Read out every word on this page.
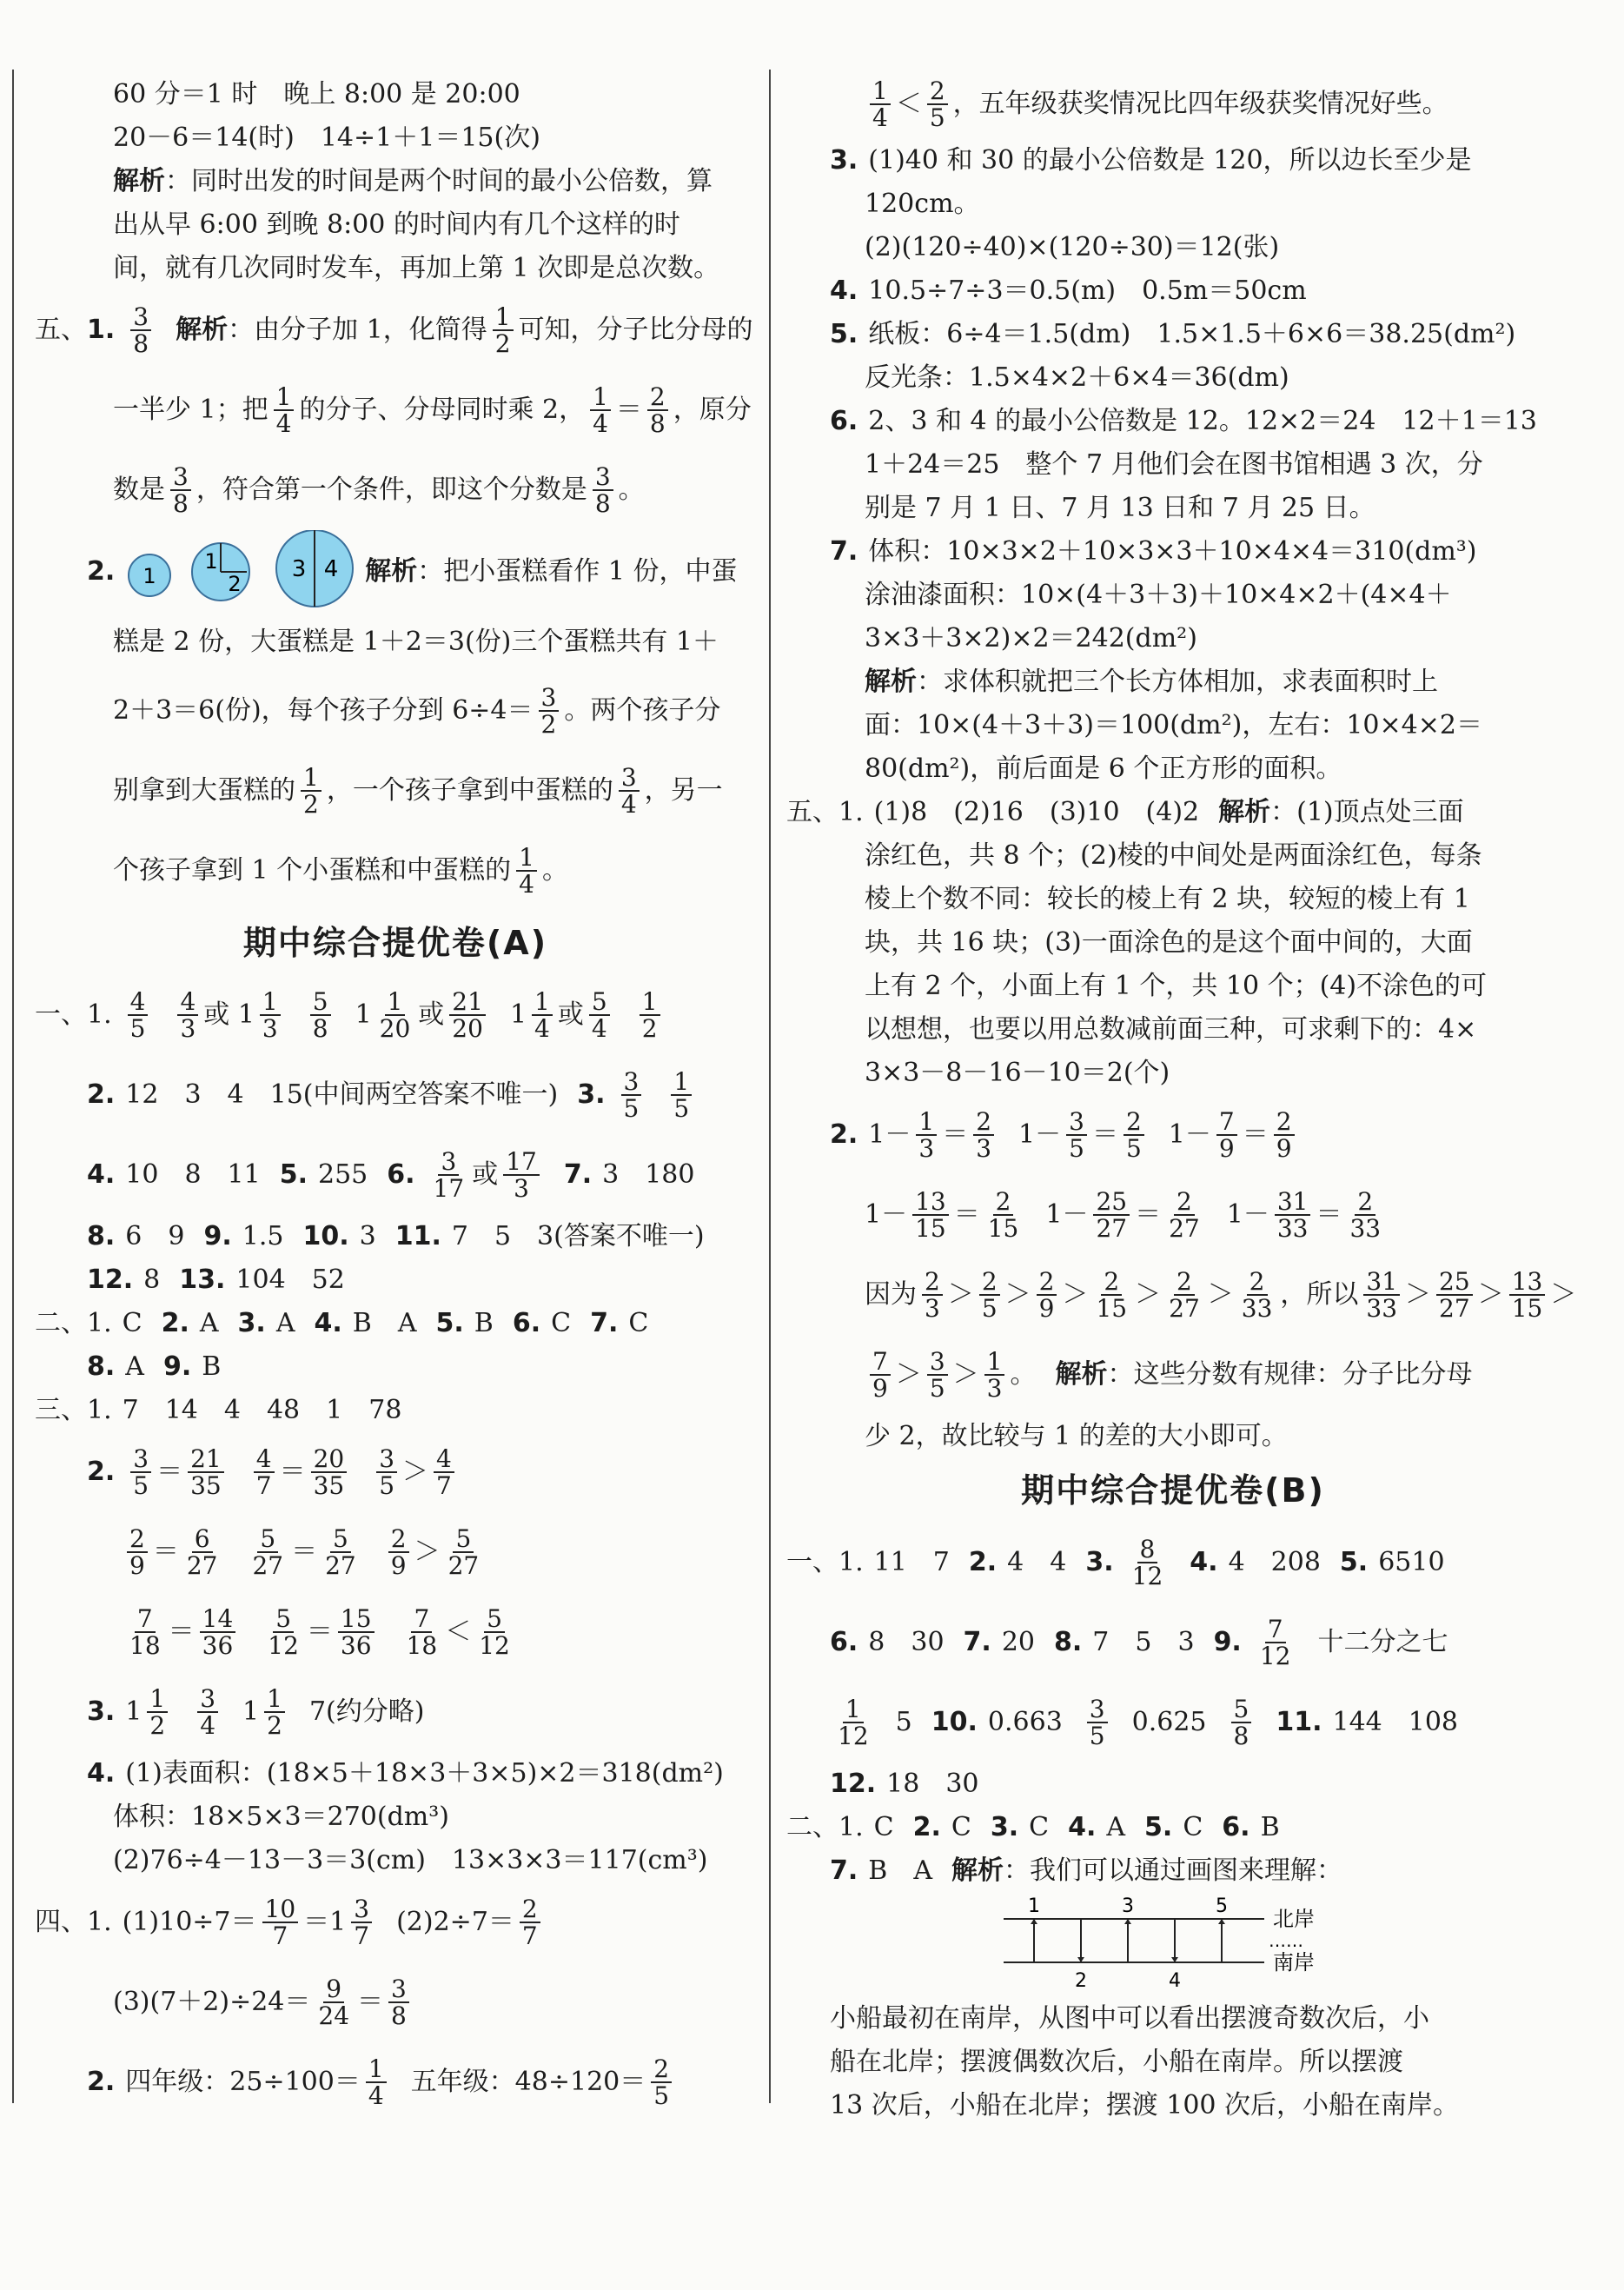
60 分＝1 时　晚上 8:00 是 20:00
20－6＝14(时)　14÷1＋1＝15(次)
解析 ：同时出发的时间是两个时间的最小公倍数，算
出从早 6:00 到晚 8:00 的时间内有几个这样的时
间，就有几次同时发车，再加上第 1 次即是总次数。
五、 1. $\frac{3}{8}$ 解析 ：由分子加 1，化简得 $\frac{1}{2}$ 可知，分子比分母的
一半少 1；把 $\frac{1}{4}$ 的分子、分母同时乘 2， $\frac{1}{4} = \frac{2}{8}$ ，原分
数是 $\frac{3}{8}$ ，符合第一个条件，即这个分数是 $\frac{3}{8}$ 。
2. 1
1
2
3 4 解析 ：把小蛋糕看作 1 份，中蛋
糕是 2 份，大蛋糕是 1＋2＝3(份)三个蛋糕共有 1＋
2＋3＝6(份)，每个孩子分到 $6\div 4= \frac{3}{2}$ 。两个孩子分
别拿到大蛋糕的 $\frac{1}{2}$ ，一个孩子拿到中蛋糕的 $\frac{3}{4}$ ，另一
个孩子拿到 1 个小蛋糕和中蛋糕的 $\frac{1}{4}$ 。
期中综合提优卷(A)
一、1. $\frac{4}{5} \frac{4}{3}$ 或 $1 \frac{1}{3} \frac{5}{8} 1 \frac{1}{20}$ 或 $\frac{21}{20} 1 \frac{1}{4}$ 或 $\frac{5}{4} \frac{1}{2}$
2. 12　3　4　15(中间两空答案不唯一) 3. $\frac{3}{5} \frac{1}{5}$
4. 10　8　11 5. 255 6. $\frac{3}{17}$ 或 $\frac{17}{3} 7$. 3　180
8. 6　9 9. 1.5 10. 3 11. 7　5　3(答案不唯一)
12. 8 13. 104　52
二、1. C 2. A 3. A 4. B　A 5. B 6. C 7. C
8. A 9. B
三、1. 7　14　4　48　1　78
2. $\frac{3}{5} = \frac{21}{35} \frac{4}{7} = \frac{20}{35} \frac{3}{5} > \frac{4}{7}$
$\frac{2}{9} = \frac{6}{27} \frac{5}{27} = \frac{5}{27} \frac{2}{9} > \frac{5}{27}$
$\frac{7}{18} = \frac{14}{36} \frac{5}{12} = \frac{15}{36} \frac{7}{18} < \frac{5}{12}$
3. $1 \frac{1}{2} \frac{3}{4} 1 \frac{1}{2} 7$(约分略)
4. (1)表面积：(18×5＋18×3＋3×5)×2＝318(dm²)
体积：18×5×3＝270(dm³)
(2)76÷4－13－3＝3(cm)　13×3×3＝117(cm³)
四、1. $(1)10\div 7= \frac{10}{7} =1 \frac{3}{7} (2)2\div 7= \frac{2}{7}$
$(3)(7+2)\div 24= \frac{9}{24} = \frac{3}{8}$
2. 四年级：$25\div 100= \frac{1}{4}$ 五年级：$48\div 120= \frac{2}{5}$
$\frac{1}{4} < \frac{2}{5}$ ，五年级获奖情况比四年级获奖情况好些。
3. (1)40 和 30 的最小公倍数是 120，所以边长至少是
120cm。
(2)(120÷40)×(120÷30)＝12(张)
4. 10.5÷7÷3＝0.5(m)　0.5m＝50cm
5. 纸板：6÷4＝1.5(dm)　1.5×1.5＋6×6＝38.25(dm²)
反光条：1.5×4×2＋6×4＝36(dm)
6. 2、3 和 4 的最小公倍数是 12。12×2＝24　12＋1＝13
1＋24＝25　整个 7 月他们会在图书馆相遇 3 次，分
别是 7 月 1 日、7 月 13 日和 7 月 25 日。
7. 体积：10×3×2＋10×3×3＋10×4×4＝310(dm³)
涂油漆面积：10×(4＋3＋3)＋10×4×2＋(4×4＋
3×3＋3×2)×2＝242(dm²)
解析 ：求体积就把三个长方体相加，求表面积时上
面：10×(4＋3＋3)＝100(dm²)，左右：10×4×2＝
80(dm²)，前后面是 6 个正方形的面积。
五、1. (1)8　(2)16　(3)10　(4)2 解析 ：(1)顶点处三面
涂红色，共 8 个；(2)棱的中间处是两面涂红色，每条
棱上个数不同：较长的棱上有 2 块，较短的棱上有 1
块，共 16 块；(3)一面涂色的是这个面中间的，大面
上有 2 个，小面上有 1 个，共 10 个；(4)不涂色的可
以想想，也要以用总数减前面三种，可求剩下的：4×
3×3－8－16－10＝2(个)
2. $1 - \frac{1}{3} = \frac{2}{3} 1 - \frac{3}{5} = \frac{2}{5} 1 - \frac{7}{9} = \frac{2}{9}$
$1 - \frac{13}{15} = \frac{2}{15} 1 - \frac{25}{27} = \frac{2}{27} 1 - \frac{31}{33} = \frac{2}{33}$
因为 $\frac{2}{3} > \frac{2}{5} > \frac{2}{9} > \frac{2}{15} > \frac{2}{27} > \frac{2}{33}$ ，所以 $\frac{31}{33} > \frac{25}{27} > \frac{13}{15}$ ＞
$\frac{7}{9} > \frac{3}{5} > \frac{1}{3}$ 。 解析 ：这些分数有规律：分子比分母
少 2，故比较与 1 的差的大小即可。
期中综合提优卷(B)
一、1. 11　7 2. 4　4 3. $\frac{8}{12} 4$. 4　208 5. 6510
6. 8　30 7. 20 8. 7　5　3 9. $\frac{7}{12}$ 十二分之七
$\frac{1}{12} 5$ 10. $0.663 \frac{3}{5} 0.625 \frac{5}{8} 11$. 144　108
12. 18　30
二、1. C 2. C 3. C 4. A 5. C 6. B
7. B　A 解析 ：我们可以通过画图来理解：
1	3	5
2	4
北岸
……
南岸
小船最初在南岸，从图中可以看出摆渡奇数次后，小
船在北岸；摆渡偶数次后，小船在南岸。所以摆渡
13 次后，小船在北岸；摆渡 100 次后，小船在南岸。
